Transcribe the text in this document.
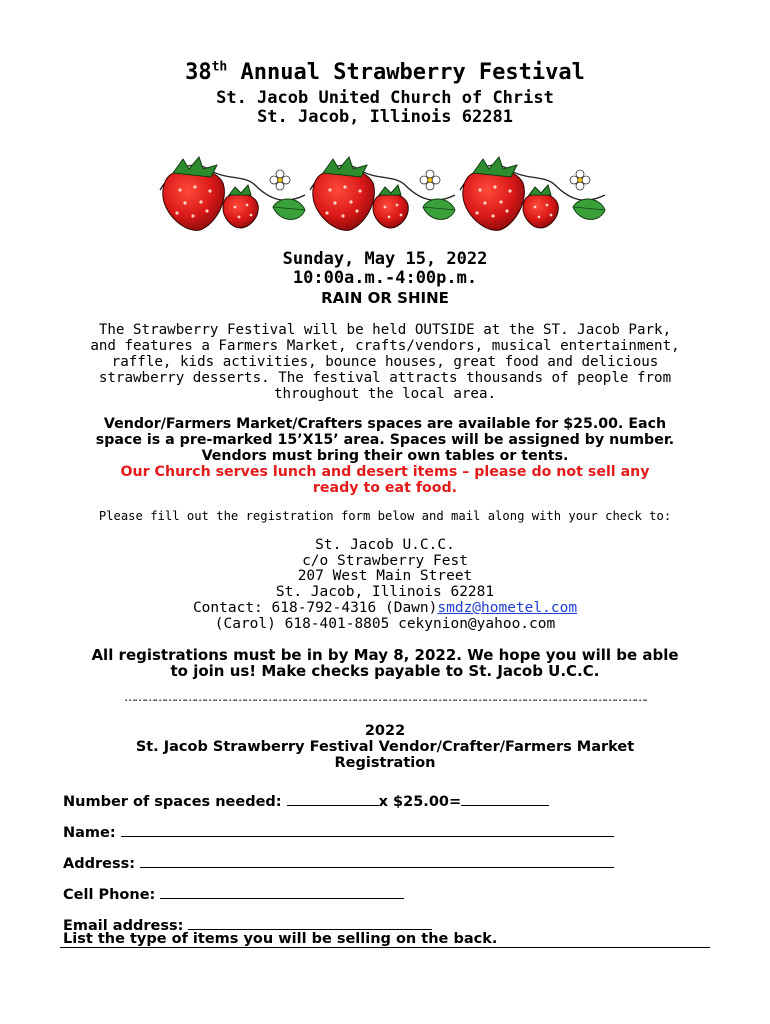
38th Annual Strawberry Festival
St. Jacob United Church of Christ
St. Jacob, Illinois 62281
Sunday, May 15, 2022
10:00a.m.-4:00p.m.
RAIN OR SHINE
The Strawberry Festival will be held OUTSIDE at the ST. Jacob Park,
and features a Farmers Market, crafts/vendors, musical entertainment,
raffle, kids activities, bounce houses, great food and delicious
strawberry desserts. The festival attracts thousands of people from
throughout the local area.
Vendor/Farmers Market/Crafters spaces are available for $25.00. Each
space is a pre-marked 15’X15’ area. Spaces will be assigned by number.
Vendors must bring their own tables or tents.
Our Church serves lunch and desert items – please do not sell any
ready to eat food.
Please fill out the registration form below and mail along with your check to:
St. Jacob U.C.C.
c/o Strawberry Fest
207 West Main Street
St. Jacob, Illinois 62281
Contact: 618-792-4316 (Dawn)smdz@hometel.com
(Carol) 618-401-8805 cekynion@yahoo.com
All registrations must be in by May 8, 2022. We hope you will be able
to join us! Make checks payable to St. Jacob U.C.C.
………………………………………………………………………………………………………………………………………….
2022
St. Jacob Strawberry Festival Vendor/Crafter/Farmers Market
Registration
Number of spaces needed:	x $25.00=
Name:
Address:
Cell Phone:
Email address:
List the type of items you will be selling on the back.
